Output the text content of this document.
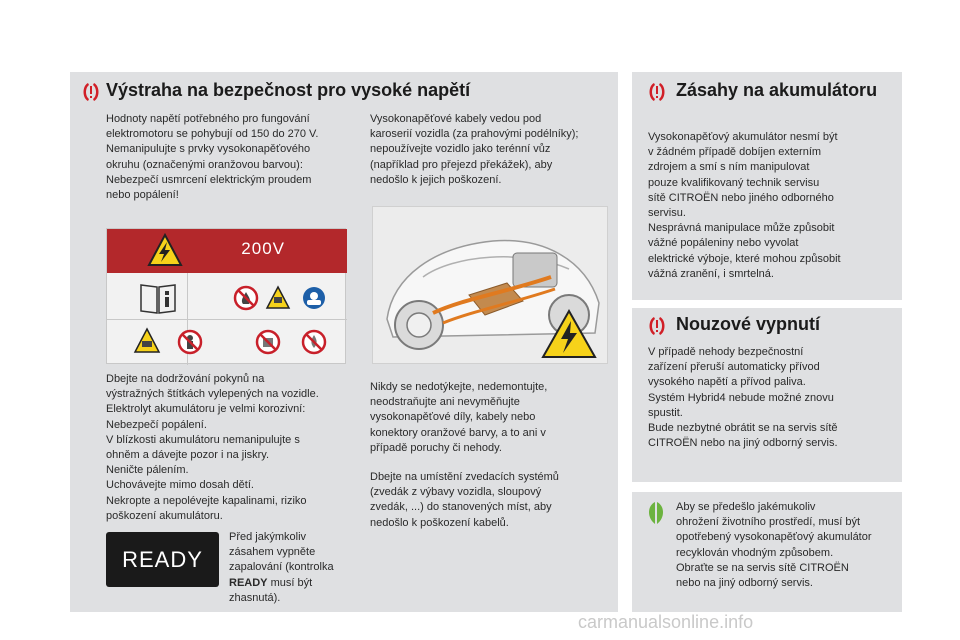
Výstraha na bezpečnost pro vysoké napětí
Hodnoty napětí potřebného pro fungování
elektromotoru se pohybují od 150 do 270 V.
Nemanipulujte s prvky vysokonapěťového
okruhu (označenými oranžovou barvou):
Nebezpečí usmrcení elektrickým proudem
nebo popálení!
Vysokonapěťové kabely vedou pod
karoserií vozidla (za prahovými podélníky);
nepoužívejte vozidlo jako terénní vůz
(například pro přejezd překážek), aby
nedošlo k jejich poškození.
200V
Dbejte na dodržování pokynů na
výstražných štítkách vylepených na vozidle.
Elektrolyt akumulátoru je velmi korozivní:
Nebezpečí popálení.
V blízkosti akumulátoru nemanipulujte s
ohněm a dávejte pozor i na jiskry.
Neničte pálením.
Uchovávejte mimo dosah dětí.
Nekropte a nepolévejte kapalinami, riziko
poškození akumulátoru.
Nikdy se nedotýkejte, nedemontujte,
neodstraňujte ani nevyměňujte
vysokonapěťové díly, kabely nebo
konektory oranžové barvy, a to ani v
případě poruchy či nehody.
Dbejte na umístění zvedacích systémů
(zvedák z výbavy vozidla, sloupový
zvedák, ...) do stanovených míst, aby
nedošlo k poškození kabelů.
READY
Před jakýmkoliv
zásahem vypněte
zapalování (kontrolka
READY musí být
zhasnutá).
Zásahy na akumulátoru
Vysokonapěťový akumulátor nesmí být
v žádném případě dobíjen externím
zdrojem a smí s ním manipulovat
pouze kvalifikovaný technik servisu
sítě CITROËN nebo jiného odborného
servisu.
Nesprávná manipulace může způsobit
vážné popáleniny nebo vyvolat
elektrické výboje, které mohou způsobit
vážná zranění, i smrtelná.
Nouzové vypnutí
V případě nehody bezpečnostní
zařízení přeruší automaticky přívod
vysokého napětí a přívod paliva.
Systém Hybrid4 nebude možné znovu
spustit.
Bude nezbytné obrátit se na servis sítě
CITROËN nebo na jiný odborný servis.
Aby se předešlo jakémukoliv
ohrožení životního prostředí, musí být
opotřebený vysokonapěťový akumulátor
recyklován vhodným způsobem.
Obraťte se na servis sítě CITROËN
nebo na jiný odborný servis.
carmanualsonline.info
